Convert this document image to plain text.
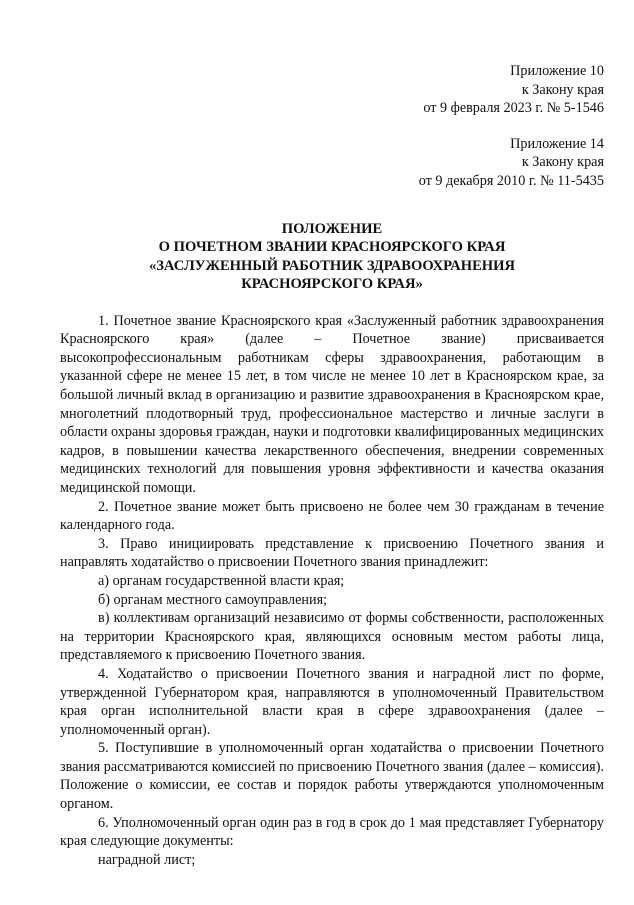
Приложение 10
к Закону края
от 9 февраля 2023 г. № 5-1546
Приложение 14
к Закону края
от 9 декабря 2010 г. № 11-5435
ПОЛОЖЕНИЕ
О ПОЧЕТНОМ ЗВАНИИ КРАСНОЯРСКОГО КРАЯ
«ЗАСЛУЖЕННЫЙ РАБОТНИК ЗДРАВООХРАНЕНИЯ
КРАСНОЯРСКОГО КРАЯ»

1. Почетное звание Красноярского края «Заслуженный работник здравоохранения Красноярского края» (далее – Почетное звание) присваивается высокопрофессиональным работникам сферы здравоохранения, работающим в указанной сфере не менее 15 лет, в том числе не менее 10 лет в Красноярском крае, за большой личный вклад в организацию и развитие здравоохранения в Красноярском крае, многолетний плодотворный труд, профессиональное мастерство и личные заслуги в области охраны здоровья граждан, науки и подготовки квалифицированных медицинских кадров, в повышении качества лекарственного обеспечения, внедрении современных медицинских технологий для повышения уровня эффективности и качества оказания медицинской помощи.

2. Почетное звание может быть присвоено не более чем 30 гражданам в течение календарного года.

3. Право инициировать представление к присвоению Почетного звания и направлять ходатайство о присвоении Почетного звания принадлежит:

а) органам государственной власти края;

б) органам местного самоуправления;

в) коллективам организаций независимо от формы собственности, расположенных на территории Красноярского края, являющихся основным местом работы лица, представляемого к присвоению Почетного звания.

4. Ходатайство о присвоении Почетного звания и наградной лист по форме, утвержденной Губернатором края, направляются в уполномоченный Правительством края орган исполнительной власти края в сфере здравоохранения (далее – уполномоченный орган).

5. Поступившие в уполномоченный орган ходатайства о присвоении Почетного звания рассматриваются комиссией по присвоению Почетного звания (далее – комиссия). Положение о комиссии, ее состав и порядок работы утверждаются уполномоченным органом.

6. Уполномоченный орган один раз в год в срок до 1 мая представляет Губернатору края следующие документы:

наградной лист;
